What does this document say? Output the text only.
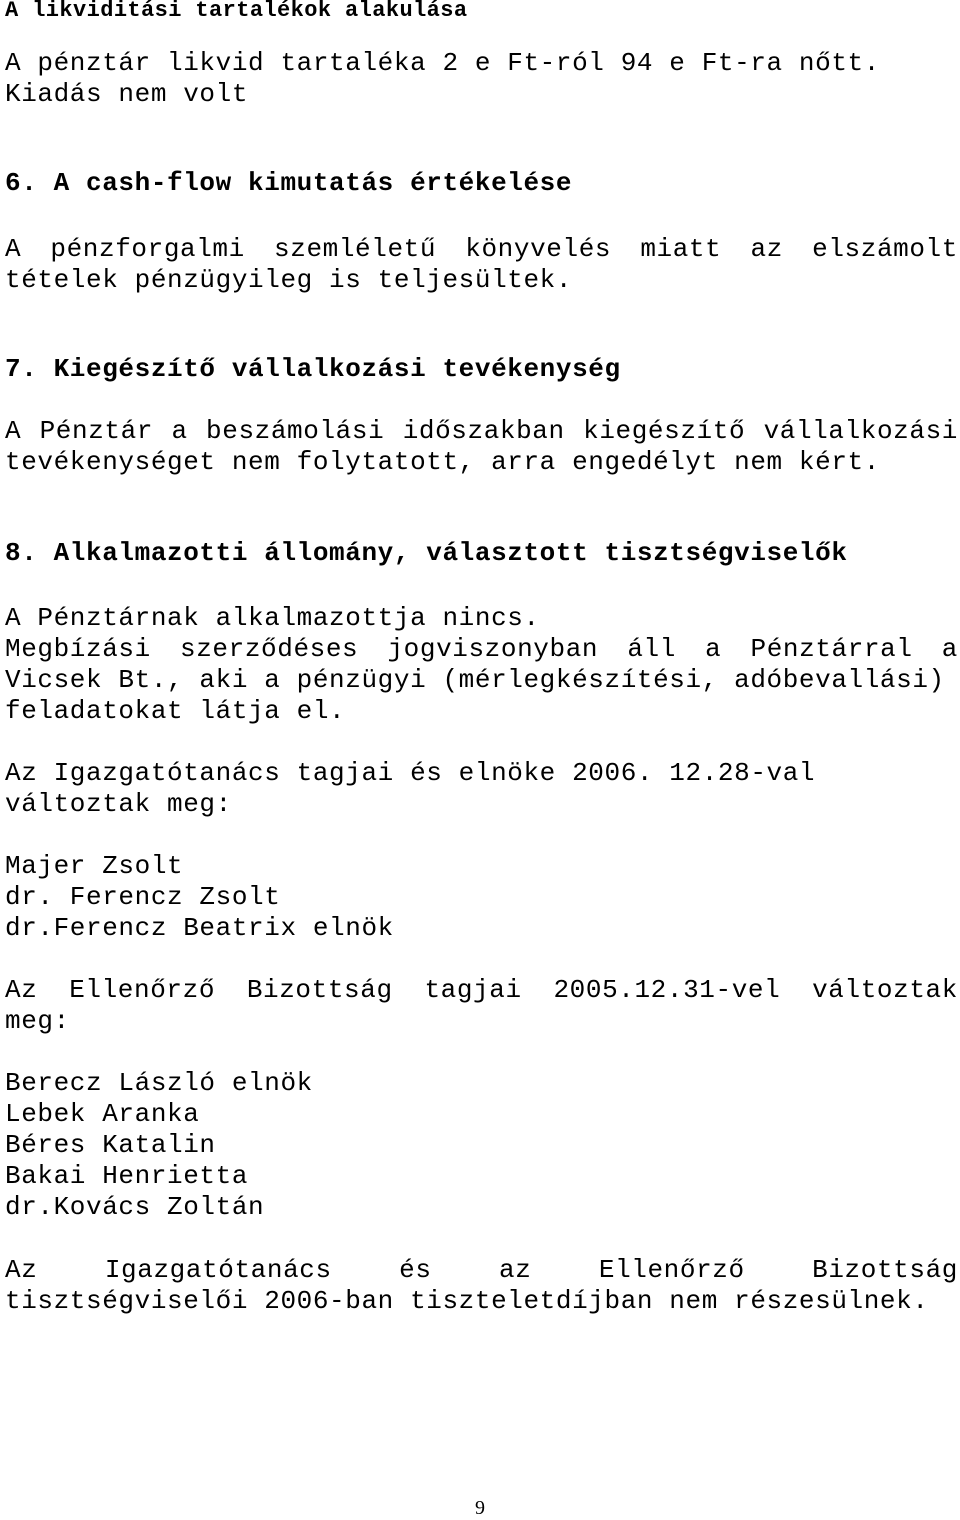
A likviditási tartalékok alakulása
A pénztár likvid tartaléka 2 e Ft-ról 94 e Ft-ra nőtt.
Kiadás nem volt
6. A cash-flow kimutatás értékelése
A pénzforgalmi szemléletű könyvelés miatt az elszámolt
tételek pénzügyileg is teljesültek.
7. Kiegészítő vállalkozási tevékenység
A Pénztár a beszámolási időszakban kiegészítő vállalkozási
tevékenységet nem folytatott, arra engedélyt nem kért.
8. Alkalmazotti állomány, választott tisztségviselők
A Pénztárnak alkalmazottja nincs.
Megbízási szerződéses jogviszonyban áll a Pénztárral a
Vicsek Bt., aki a pénzügyi (mérlegkészítési, adóbevallási)
feladatokat látja el.
Az Igazgatótanács tagjai és elnöke 2006. 12.28-val
változtak meg:
Majer Zsolt
dr. Ferencz Zsolt
dr.Ferencz Beatrix elnök
Az Ellenőrző Bizottság tagjai 2005.12.31-vel változtak
meg:
Berecz László elnök
Lebek Aranka
Béres Katalin
Bakai Henrietta
dr.Kovács Zoltán
Az	Igazgatótanács	és	az	Ellenőrző	Bizottság
tisztségviselői 2006-ban tiszteletdíjban nem részesülnek.
9
